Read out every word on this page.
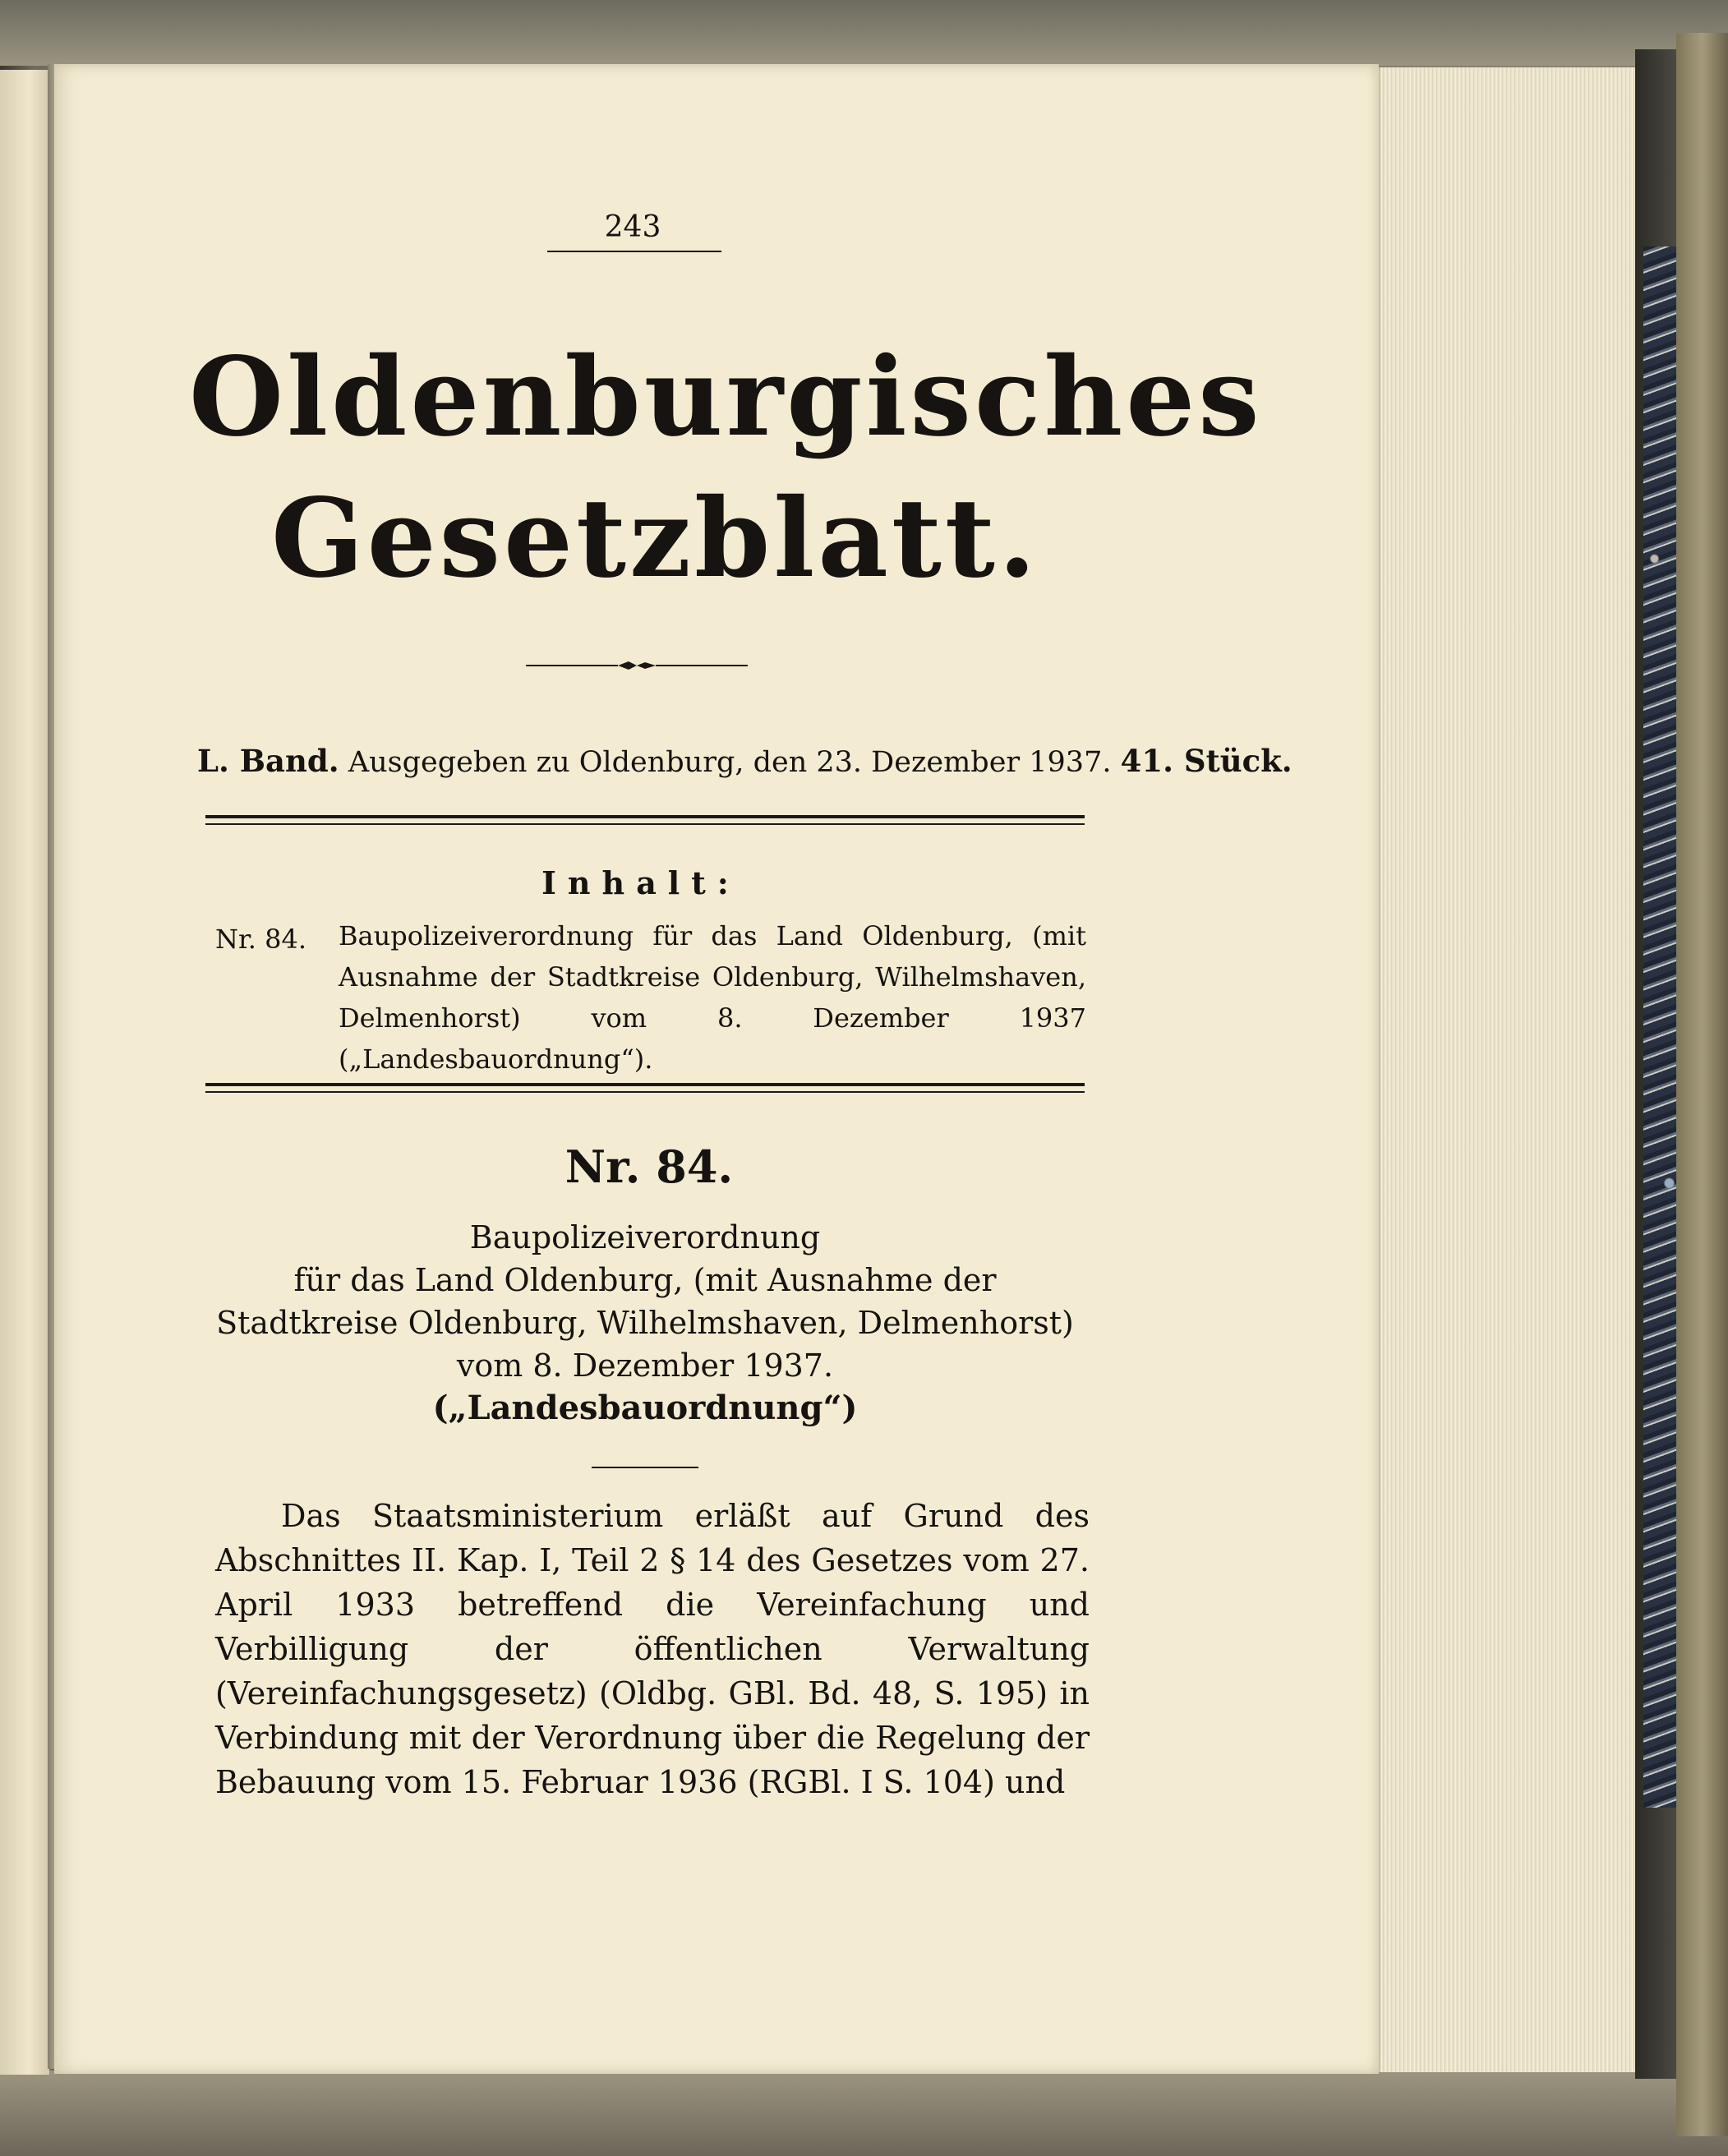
243
Oldenburgisches
Gesetzblatt.
L. Band. Ausgegeben zu Oldenburg, den 23. Dezember 1937. 41. Stück.
Inhalt:
Nr. 84. Baupolizeiverordnung für das Land Oldenburg, (mit Ausnahme der Stadtkreise Oldenburg, Wilhelmshaven, Delmenhorst) vom 8. Dezember 1937 („Landesbauordnung“).
Nr. 84.
Baupolizeiverordnung
für das Land Oldenburg, (mit Ausnahme der
Stadtkreise Oldenburg, Wilhelmshaven, Delmenhorst)
vom 8. Dezember 1937.
(„Landesbauordnung“)
Das Staatsministerium erläßt auf Grund des Abschnittes II. Kap. I, Teil 2 § 14 des Gesetzes vom 27. April 1933 betreffend die Vereinfachung und Verbilligung der öffentlichen Verwaltung (Vereinfachungsgesetz) (Oldbg. GBl. Bd. 48, S. 195) in Verbindung mit der Verordnung über die Regelung der Bebauung vom 15. Februar 1936 (RGBl. I S. 104) und
